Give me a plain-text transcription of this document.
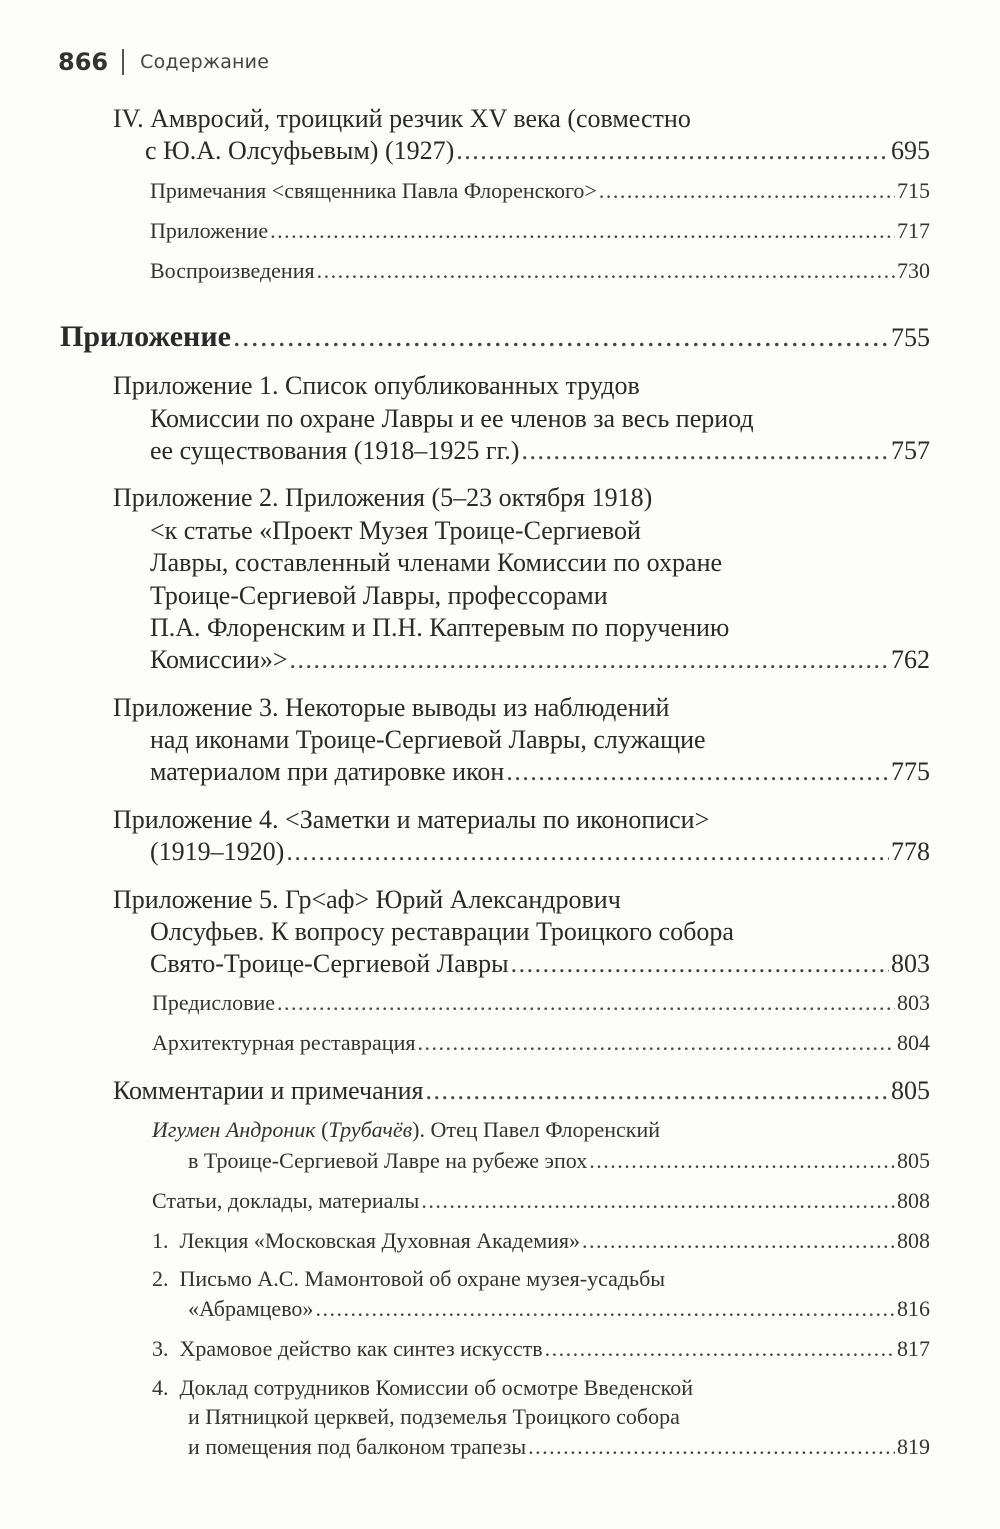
866 Содержание
IV. Амвросий, троицкий резчик XV века (совместно
с Ю.А. Олсуфьевым) (1927) .....	695
Примечания <священника Павла Флоренского> .....	715
Приложение .....	717
Воспроизведения .....	730
Приложение .....	755
Приложение 1. Список опубликованных трудов
Комиссии по охране Лавры и ее членов за весь период
ее существования (1918–1925 гг.) .....	757
Приложение 2. Приложения (5–23 октября 1918)
<к статье «Проект Музея Троице-Сергиевой
Лавры, составленный членами Комиссии по охране
Троице-Сергиевой Лавры, профессорами
П.А. Флоренским и П.Н. Каптеревым по поручению
Комиссии»> .....	762
Приложение 3. Некоторые выводы из наблюдений
над иконами Троице-Сергиевой Лавры, служащие
материалом при датировке икон .....	775
Приложение 4. <Заметки и материалы по иконописи>
(1919–1920) .....	778
Приложение 5. Гр<аф> Юрий Александрович
Олсуфьев. К вопросу реставрации Троицкого собора
Свято-Троице-Сергиевой Лавры .....	803
Предисловие .....	803
Архитектурная реставрация .....	804
Комментарии и примечания .....	805
Игумен Андроник (Трубачёв). Отец Павел Флоренский
в Троице-Сергиевой Лавре на рубеже эпох .....	805
Статьи, доклады, материалы .....	808
1.  Лекция «Московская Духовная Академия» .....	808
2.  Письмо А.С. Мамонтовой об охране музея-усадьбы
«Абрамцево» .....	816
3.  Храмовое действо как синтез искусств .....	817
4.  Доклад сотрудников Комиссии об осмотре Введенской
и Пятницкой церквей, подземелья Троицкого собора
и помещения под балконом трапезы .....	819
